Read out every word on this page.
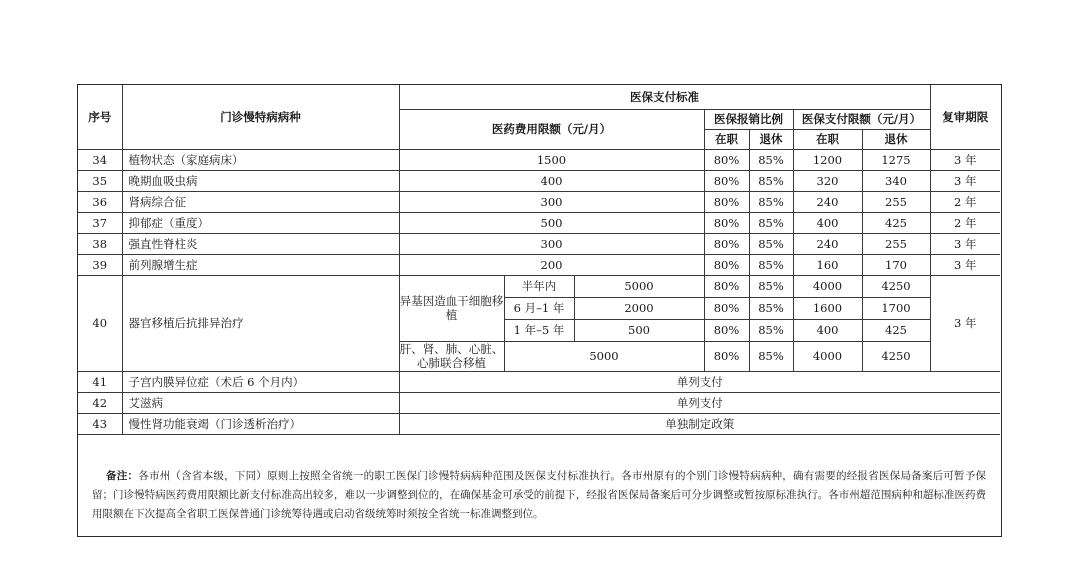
序号	门诊慢特病病种	医保支付标准							复审期限
		医药费用限额（元/月）			医保报销比例		医保支付限额（元/月）		
					在职	退休	在职	退休	
34	植物状态（家庭病床）	1500			80%	85%	1200	1275	3 年
35	晚期血吸虫病	400			80%	85%	320	340	3 年
36	肾病综合征	300			80%	85%	240	255	2 年
37	抑郁症（重度）	500			80%	85%	400	425	2 年
38	强直性脊柱炎	300			80%	85%	240	255	3 年
39	前列腺增生症	200			80%	85%	160	170	3 年
40	器官移植后抗排异治疗	异基因造血干细胞移植	半年内	5000	80%	85%	4000	4250	3 年
			6 月–1 年	2000	80%	85%	1600	1700	
			1 年–5 年	500	80%	85%	400	425	
		肝、肾、肺、心脏、心肺联合移植	5000		80%	85%	4000	4250	
41	子宫内膜异位症（术后 6 个月内）	单列支付							
42	艾滋病	单列支付							
43	慢性肾功能衰竭（门诊透析治疗）	单独制定政策							
备注：各市州（含省本级，下同）原则上按照全省统一的职工医保门诊慢特病病种范围及医保支付标准执行。各市州原有的个别门诊慢特病病种，确有需要的经报省医保局备案后可暂予保留；门诊慢特病医药费用限额比新支付标准高出较多，难以一步调整到位的，在确保基金可承受的前提下，经报省医保局备案后可分步调整或暂按原标准执行。各市州超范围病种和超标准医药费用限额在下次提高全省职工医保普通门诊统筹待遇或启动省级统筹时须按全省统一标准调整到位。
